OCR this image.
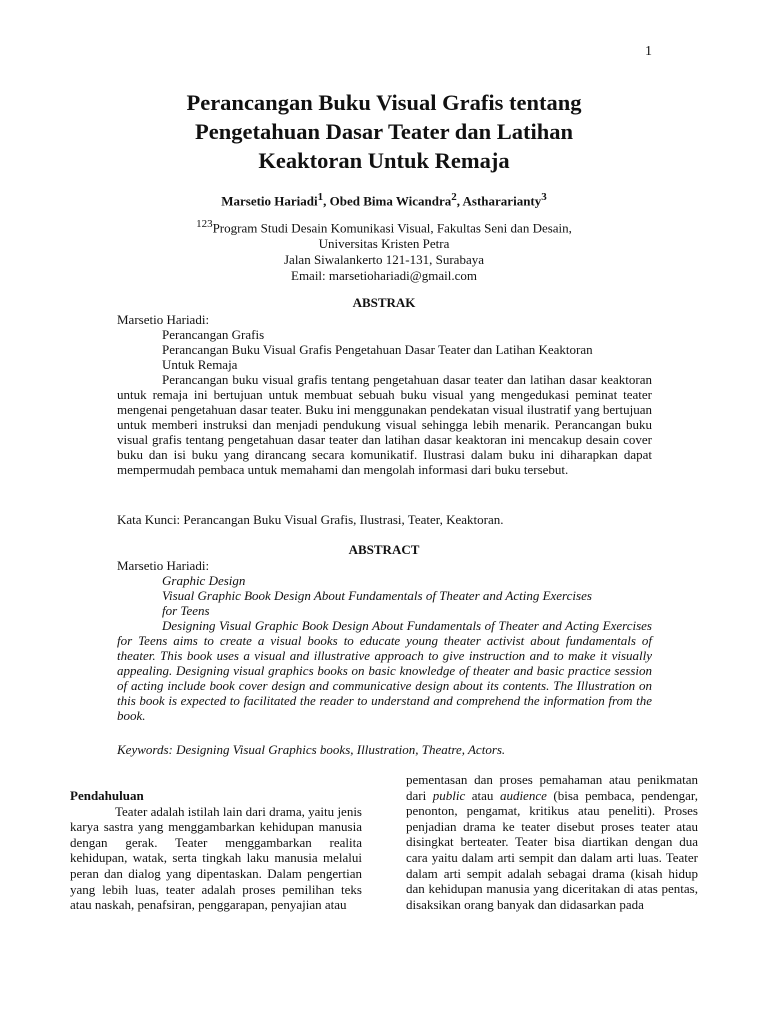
1
Perancangan Buku Visual Grafis tentang
Pengetahuan Dasar Teater dan Latihan
Keaktoran Untuk Remaja
Marsetio Hariadi$^1$, Obed Bima Wicandra$^2$, Asthararianty$^3$
$^{123}$Program Studi Desain Komunikasi Visual, Fakultas Seni dan Desain,
Universitas Kristen Petra
Jalan Siwalankerto 121-131, Surabaya
Email: marsetiohariadi@gmail.com
ABSTRAK
Marsetio Hariadi:
Perancangan Grafis
Perancangan Buku Visual Grafis Pengetahuan Dasar Teater dan Latihan Keaktoran
Untuk Remaja
Perancangan buku visual grafis tentang pengetahuan dasar teater dan latihan dasar keaktoran untuk remaja ini bertujuan untuk membuat sebuah buku visual yang mengedukasi peminat teater mengenai pengetahuan dasar teater. Buku ini menggunakan pendekatan visual ilustratif yang bertujuan untuk memberi instruksi dan menjadi pendukung visual sehingga lebih menarik. Perancangan buku visual grafis tentang pengetahuan dasar teater dan latihan dasar keaktoran ini mencakup desain cover buku dan isi buku yang dirancang secara komunikatif. Ilustrasi dalam buku ini diharapkan dapat mempermudah pembaca untuk memahami dan mengolah informasi dari buku tersebut.
Kata Kunci: Perancangan Buku Visual Grafis, Ilustrasi, Teater, Keaktoran.
ABSTRACT
Marsetio Hariadi:
Graphic Design
Visual Graphic Book Design About Fundamentals of Theater and Acting Exercises
for Teens
Designing Visual Graphic Book Design About Fundamentals of Theater and Acting Exercises for Teens aims to create a visual books to educate young theater activist about fundamentals of theater. This book uses a visual and illustrative approach to give instruction and to make it visually appealing. Designing visual graphics books on basic knowledge of theater and basic practice session of acting include book cover design and communicative design about its contents. The Illustration on this book is expected to facilitated the reader to understand and comprehend the information from the book.
Keywords: Designing Visual Graphics books, Illustration, Theatre, Actors.
Pendahuluan
Teater adalah istilah lain dari drama, yaitu jenis karya sastra yang menggambarkan kehidupan manusia dengan gerak. Teater menggambarkan realita kehidupan, watak, serta tingkah laku manusia melalui peran dan dialog yang dipentaskan. Dalam pengertian yang lebih luas, teater adalah proses pemilihan teks atau naskah, penafsiran, penggarapan, penyajian atau
pementasan dan proses pemahaman atau penikmatan dari public atau audience (bisa pembaca, pendengar, penonton, pengamat, kritikus atau peneliti). Proses penjadian drama ke teater disebut proses teater atau disingkat berteater. Teater bisa diartikan dengan dua cara yaitu dalam arti sempit dan dalam arti luas. Teater dalam arti sempit adalah sebagai drama (kisah hidup dan kehidupan manusia yang diceritakan di atas pentas, disaksikan orang banyak dan didasarkan pada
